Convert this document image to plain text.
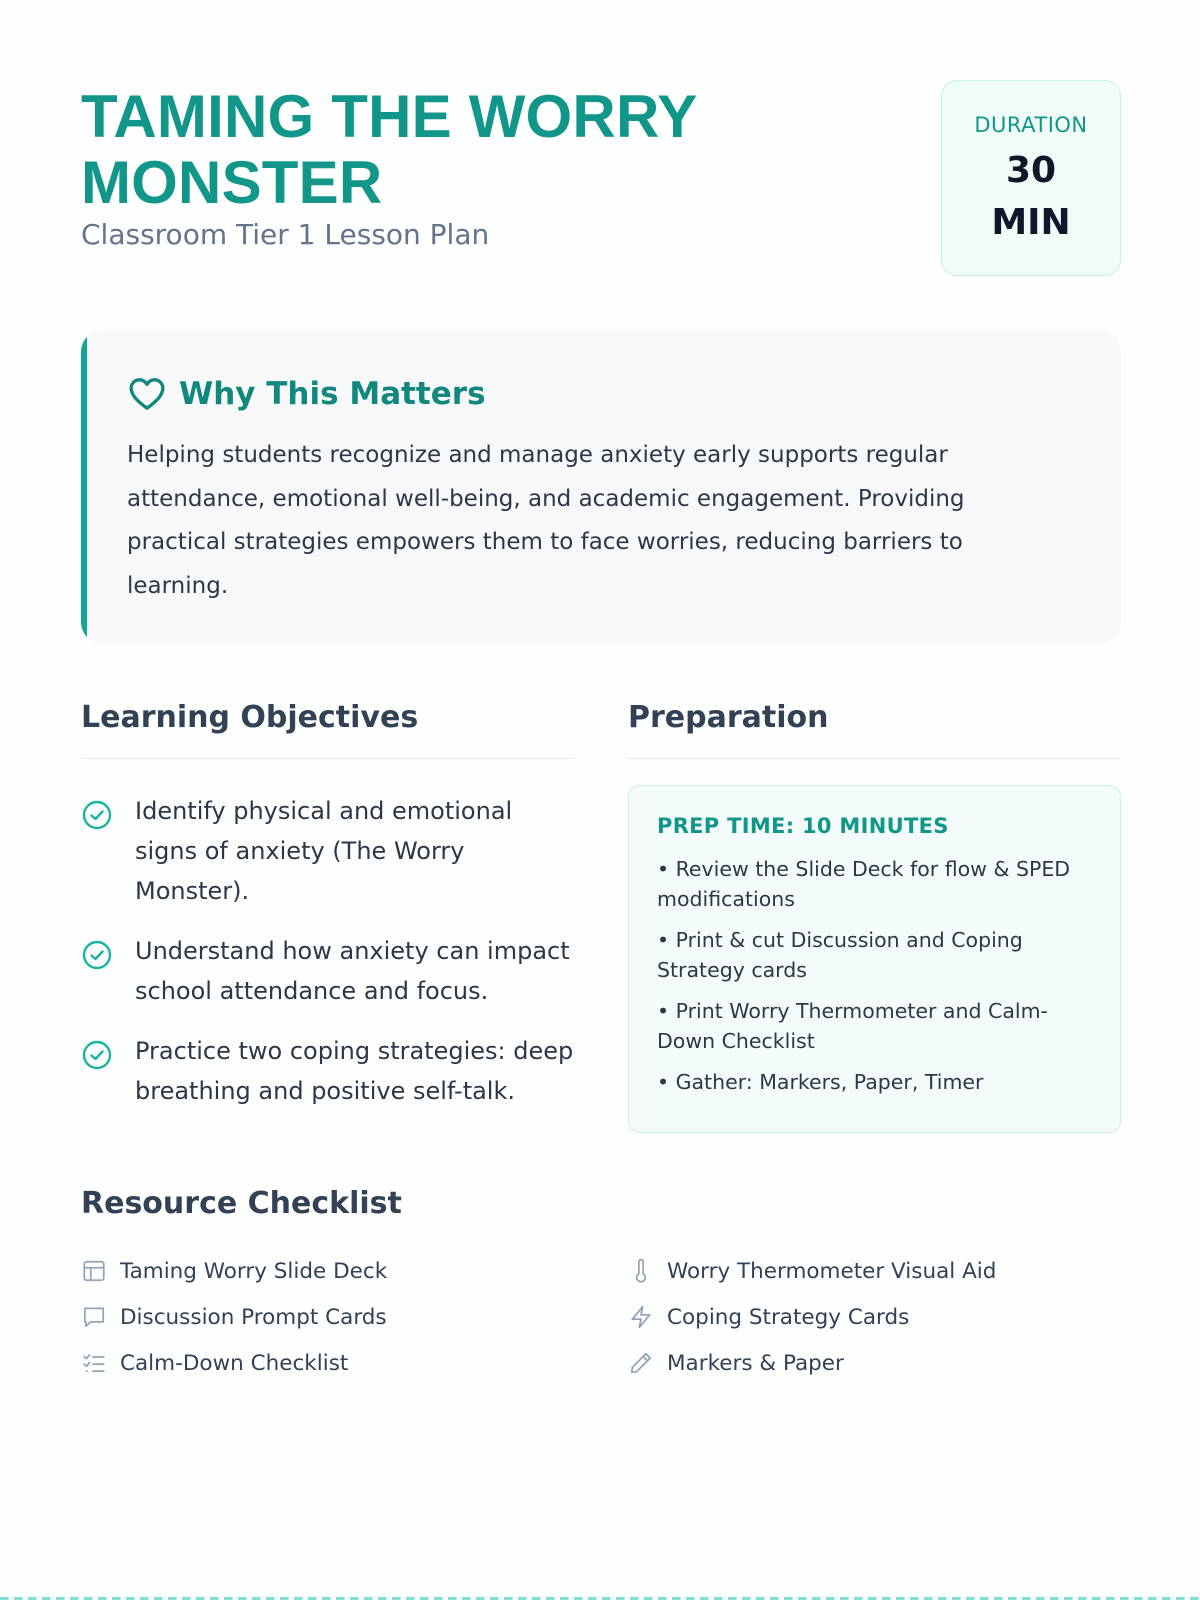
TAMING THE WORRY
MONSTER
Classroom Tier 1 Lesson Plan
DURATION
30
MIN
Why This Matters
Helping students recognize and manage anxiety early supports regular attendance, emotional well-being, and academic engagement. Providing practical strategies empowers them to face worries, reducing barriers to learning.
Learning Objectives
Identify physical and emotional signs of anxiety (The Worry Monster).
Understand how anxiety can impact school attendance and focus.
Practice two coping strategies: deep breathing and positive self-talk.
Preparation
PREP TIME: 10 MINUTES
• Review the Slide Deck for flow & SPED modifications
• Print & cut Discussion and Coping Strategy cards
• Print Worry Thermometer and Calm-Down Checklist
• Gather: Markers, Paper, Timer
Resource Checklist
Taming Worry Slide Deck
Discussion Prompt Cards
Calm-Down Checklist
Worry Thermometer Visual Aid
Coping Strategy Cards
Markers & Paper
